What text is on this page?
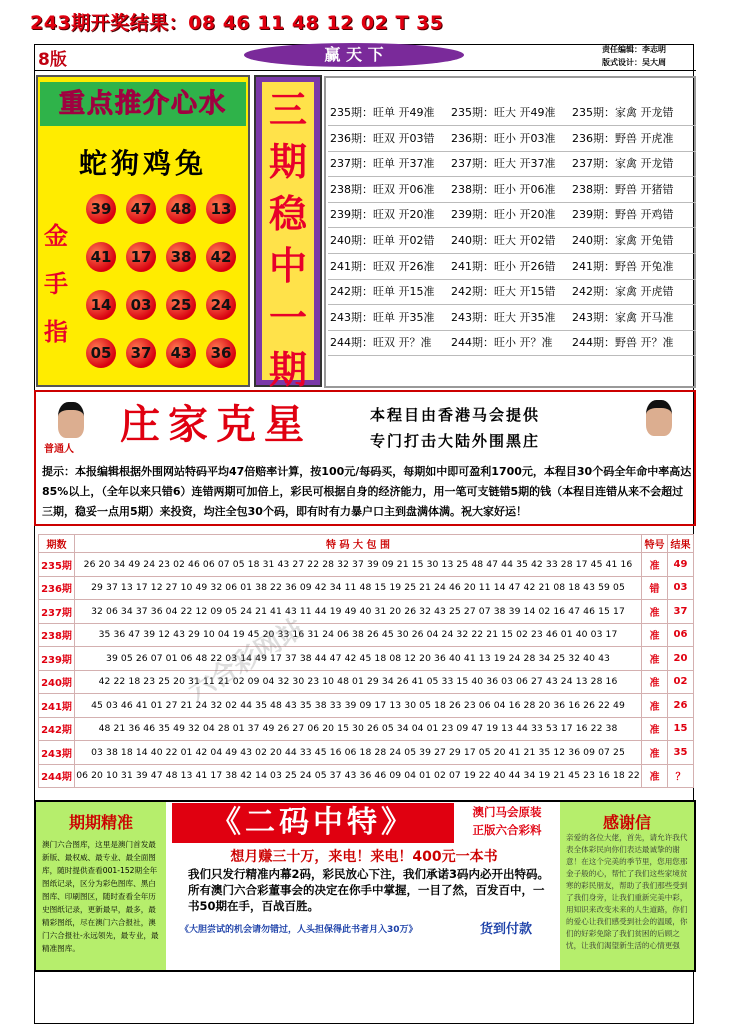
243期开奖结果：08 46 11 48 12 02 T 35
8版	赢 天 下	责任编辑：李志明
版式设计：吴大周
重点推介心水
蛇狗鸡兔
金
手
指
39	47	48	13
41	17	38	42
14	03	25	24
05	37	43	36
三
期
稳
中
一
期
235期：旺单 开49准 235期：旺大 开49准 235期：家禽 开龙错
236期：旺双 开03错 236期：旺小 开03准 236期：野兽 开虎准
237期：旺单 开37准 237期：旺大 开37准 237期：家禽 开龙错
238期：旺双 开06准 238期：旺小 开06准 238期：野兽 开猪错
239期：旺双 开20准 239期：旺小 开20准 239期：野兽 开鸡错
240期：旺单 开02错 240期：旺大 开02错 240期：家禽 开兔错
241期：旺双 开26准 241期：旺小 开26错 241期：野兽 开兔准
242期：旺单 开15准 242期：旺大 开15错 242期：家禽 开虎错
243期：旺单 开35准 243期：旺大 开35准 243期：家禽 开马准
244期：旺双 开？准 244期：旺小 开？准 244期：野兽 开？准
普通人
庄家克星	本程目由香港马会提供
专门打击大陆外围黑庄
提示：本报编辑根据外围网站特码平均47倍赔率计算，按100元/每码买，每期如中即可盈利1700元，本程目30个码全年命中率高达85%以上，（全年以来只错6）连错两期可加倍上，彩民可根据自身的经济能力，用一笔可支链错5期的钱（本程目连错从来不会超过三期，稳妥一点用5期）来投资，均注全包30个码，即有时有力暴户口主到盘满体满。祝大家好运！
期数	特 码 大 包 围	特号	结果
235期	26 20 34 49 24 23 02 46 06 07 05 18 31 43 27 22 28 32 37 39 09 21 15 30 13 25 48 47 44 35 42 33 28 17 45 41 16	准	49
236期	29 37 13 17 12 27 10 49 32 06 01 38 22 36 09 42 34 11 48 15 19 25 21 24 46 20 11 14 47 42 21 08 18 43 59 05	错	03
237期	32 06 34 37 36 04 22 12 09 05 24 21 41 43 11 44 19 49 40 31 20 26 32 43 25 27 07 38 39 14 02 16 47 46 15 17	准	37
238期	35 36 47 39 12 43 29 10 04 19 45 20 33 16 31 24 06 38 26 45 30 26 04 24 32 22 21 15 02 23 46 01 40 03 17	准	06
239期	39 05 26 07 01 06 48 22 03 14 49 17 37 38 44 47 42 45 18 08 12 20 36 40 41 13 19 24 28 34 25 32 40 43	准	20
240期	42 22 18 23 25 20 31 11 21 02 09 04 32 30 23 10 48 01 29 34 26 41 05 33 15 40 36 03 06 27 43 24 13 28 16	准	02
241期	45 03 46 41 01 27 21 24 32 02 44 35 48 43 35 38 33 39 09 17 13 30 05 18 26 23 06 04 16 28 20 36 16 26 22 49	准	26
242期	48 21 36 46 35 49 32 04 28 01 37 49 26 27 06 20 15 30 26 05 34 04 01 23 09 47 19 13 44 33 53 17 16 22 38	准	15
243期	03 38 18 14 40 22 01 42 04 49 43 02 20 44 33 45 16 06 18 28 24 05 39 27 29 17 05 20 41 21 35 12 36 09 07 25	准	35
244期	06 20 10 31 39 47 48 13 41 17 38 42 14 03 25 24 05 37 43 36 46 09 04 01 02 07 19 22 40 44 34 19 21 45 23 16 18 22	准	？
六合彩网站
期期精准
澳门六合图库，这里是澳门首发最新版、最权威、最专业、最全面图库，随时提供查看001-152期全年图纸记录，区分为彩色图库、黑白图库、印刷图区，随时查看全年历史图纸记录，更新最早，最多，最精彩图纸，尽在澳门六合报社，澳门六合报社-永远领先，最专业，最精准图库。
《二码中特》	澳门马会原装
正版六合彩料
想月赚三十万，来电！来电！400元一本书
我们只发行精准内幕2码，彩民放心下注，我们承诺3码内必开出特码。所有澳门六合彩董事会的决定在你手中掌握，一目了然，百发百中，一书50期在手，百战百胜。
《大胆尝试的机会请勿错过，人头担保得此书者月入30万》	货到付款
感谢信
亲爱的各位大佬，首先，请允许我代表全体彩民向你们表达最诚挚的谢意！在这个完美的季节里，您用您那金子般的心，帮忙了我们这些家境贫寒的彩民朋友，帮助了我们那些受到了我们身旁，让我们重新完美中彩，用知识来改变未来的人生道路，你们的爱心让我们感受到社会的温暖，你们的好彩免除了我们贫困的后顾之忧，让我们渴望新生活的心情更强
